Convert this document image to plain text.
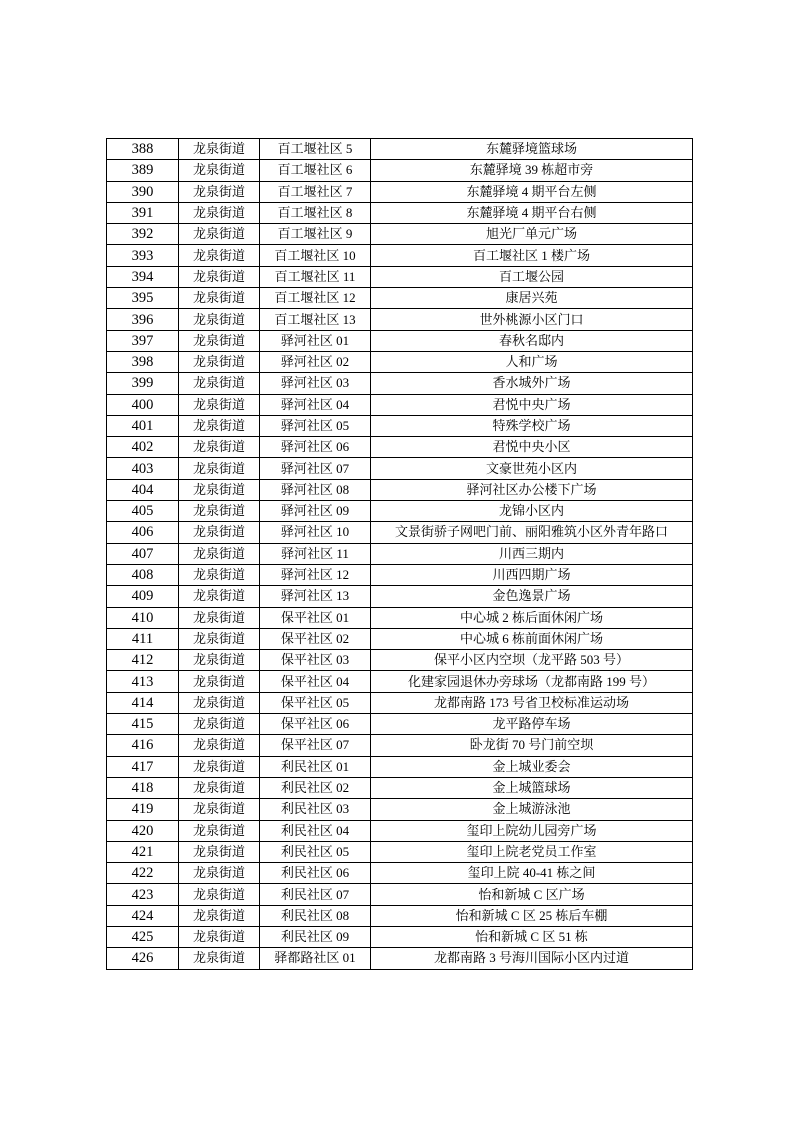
388	龙泉街道	百工堰社区 5	东麓驿境篮球场
389	龙泉街道	百工堰社区 6	东麓驿境 39 栋超市旁
390	龙泉街道	百工堰社区 7	东麓驿境 4 期平台左侧
391	龙泉街道	百工堰社区 8	东麓驿境 4 期平台右侧
392	龙泉街道	百工堰社区 9	旭光厂单元广场
393	龙泉街道	百工堰社区 10	百工堰社区 1 楼广场
394	龙泉街道	百工堰社区 11	百工堰公园
395	龙泉街道	百工堰社区 12	康居兴苑
396	龙泉街道	百工堰社区 13	世外桃源小区门口
397	龙泉街道	驿河社区 01	春秋名邸内
398	龙泉街道	驿河社区 02	人和广场
399	龙泉街道	驿河社区 03	香水城外广场
400	龙泉街道	驿河社区 04	君悦中央广场
401	龙泉街道	驿河社区 05	特殊学校广场
402	龙泉街道	驿河社区 06	君悦中央小区
403	龙泉街道	驿河社区 07	文豪世苑小区内
404	龙泉街道	驿河社区 08	驿河社区办公楼下广场
405	龙泉街道	驿河社区 09	龙锦小区内
406	龙泉街道	驿河社区 10	文景街骄子网吧门前、丽阳雅筑小区外青年路口
407	龙泉街道	驿河社区 11	川西三期内
408	龙泉街道	驿河社区 12	川西四期广场
409	龙泉街道	驿河社区 13	金色逸景广场
410	龙泉街道	保平社区 01	中心城 2 栋后面休闲广场
411	龙泉街道	保平社区 02	中心城 6 栋前面休闲广场
412	龙泉街道	保平社区 03	保平小区内空坝（龙平路 503 号）
413	龙泉街道	保平社区 04	化建家园退休办旁球场（龙都南路 199 号）
414	龙泉街道	保平社区 05	龙都南路 173 号省卫校标准运动场
415	龙泉街道	保平社区 06	龙平路停车场
416	龙泉街道	保平社区 07	卧龙街 70 号门前空坝
417	龙泉街道	利民社区 01	金上城业委会
418	龙泉街道	利民社区 02	金上城篮球场
419	龙泉街道	利民社区 03	金上城游泳池
420	龙泉街道	利民社区 04	玺印上院幼儿园旁广场
421	龙泉街道	利民社区 05	玺印上院老党员工作室
422	龙泉街道	利民社区 06	玺印上院 40-41 栋之间
423	龙泉街道	利民社区 07	怡和新城 C 区广场
424	龙泉街道	利民社区 08	怡和新城 C 区 25 栋后车棚
425	龙泉街道	利民社区 09	怡和新城 C 区 51 栋
426	龙泉街道	驿都路社区 01	龙都南路 3 号海川国际小区内过道
